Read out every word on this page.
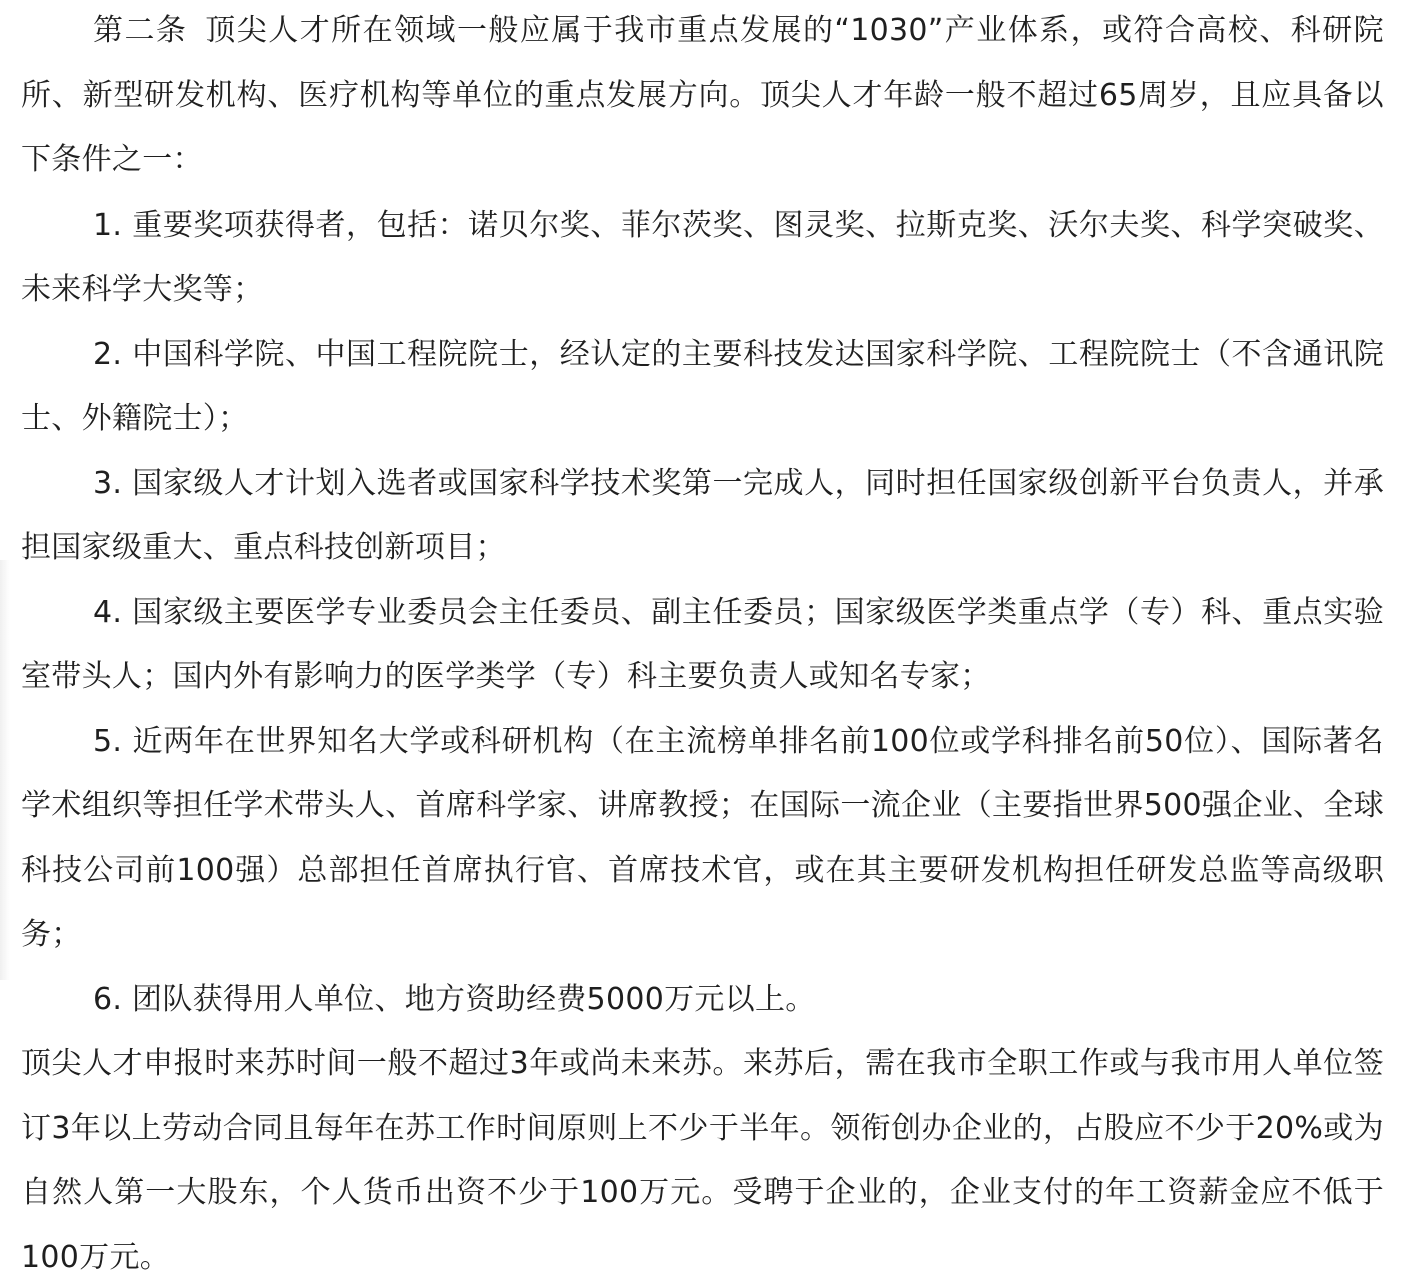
第二条 顶尖人才所在领域一般应属于我市重点发展的“1030”产业体系，或符合高校、科研院所、新型研发机构、医疗机构等单位的重点发展方向。顶尖人才年龄一般不超过65周岁，且应具备以下条件之一：

1. 重要奖项获得者，包括：诺贝尔奖、菲尔茨奖、图灵奖、拉斯克奖、沃尔夫奖、科学突破奖、未来科学大奖等；

2. 中国科学院、中国工程院院士，经认定的主要科技发达国家科学院、工程院院士（不含通讯院士、外籍院士）；

3. 国家级人才计划入选者或国家科学技术奖第一完成人，同时担任国家级创新平台负责人，并承担国家级重大、重点科技创新项目；

4. 国家级主要医学专业委员会主任委员、副主任委员；国家级医学类重点学（专）科、重点实验室带头人；国内外有影响力的医学类学（专）科主要负责人或知名专家；

5. 近两年在世界知名大学或科研机构（在主流榜单排名前100位或学科排名前50位）、国际著名学术组织等担任学术带头人、首席科学家、讲席教授；在国际一流企业（主要指世界500强企业、全球科技公司前100强）总部担任首席执行官、首席技术官，或在其主要研发机构担任研发总监等高级职务；

6. 团队获得用人单位、地方资助经费5000万元以上。

顶尖人才申报时来苏时间一般不超过3年或尚未来苏。来苏后，需在我市全职工作或与我市用人单位签订3年以上劳动合同且每年在苏工作时间原则上不少于半年。领衔创办企业的，占股应不少于20%或为自然人第一大股东，个人货币出资不少于100万元。受聘于企业的，企业支付的年工资薪金应不低于100万元。
